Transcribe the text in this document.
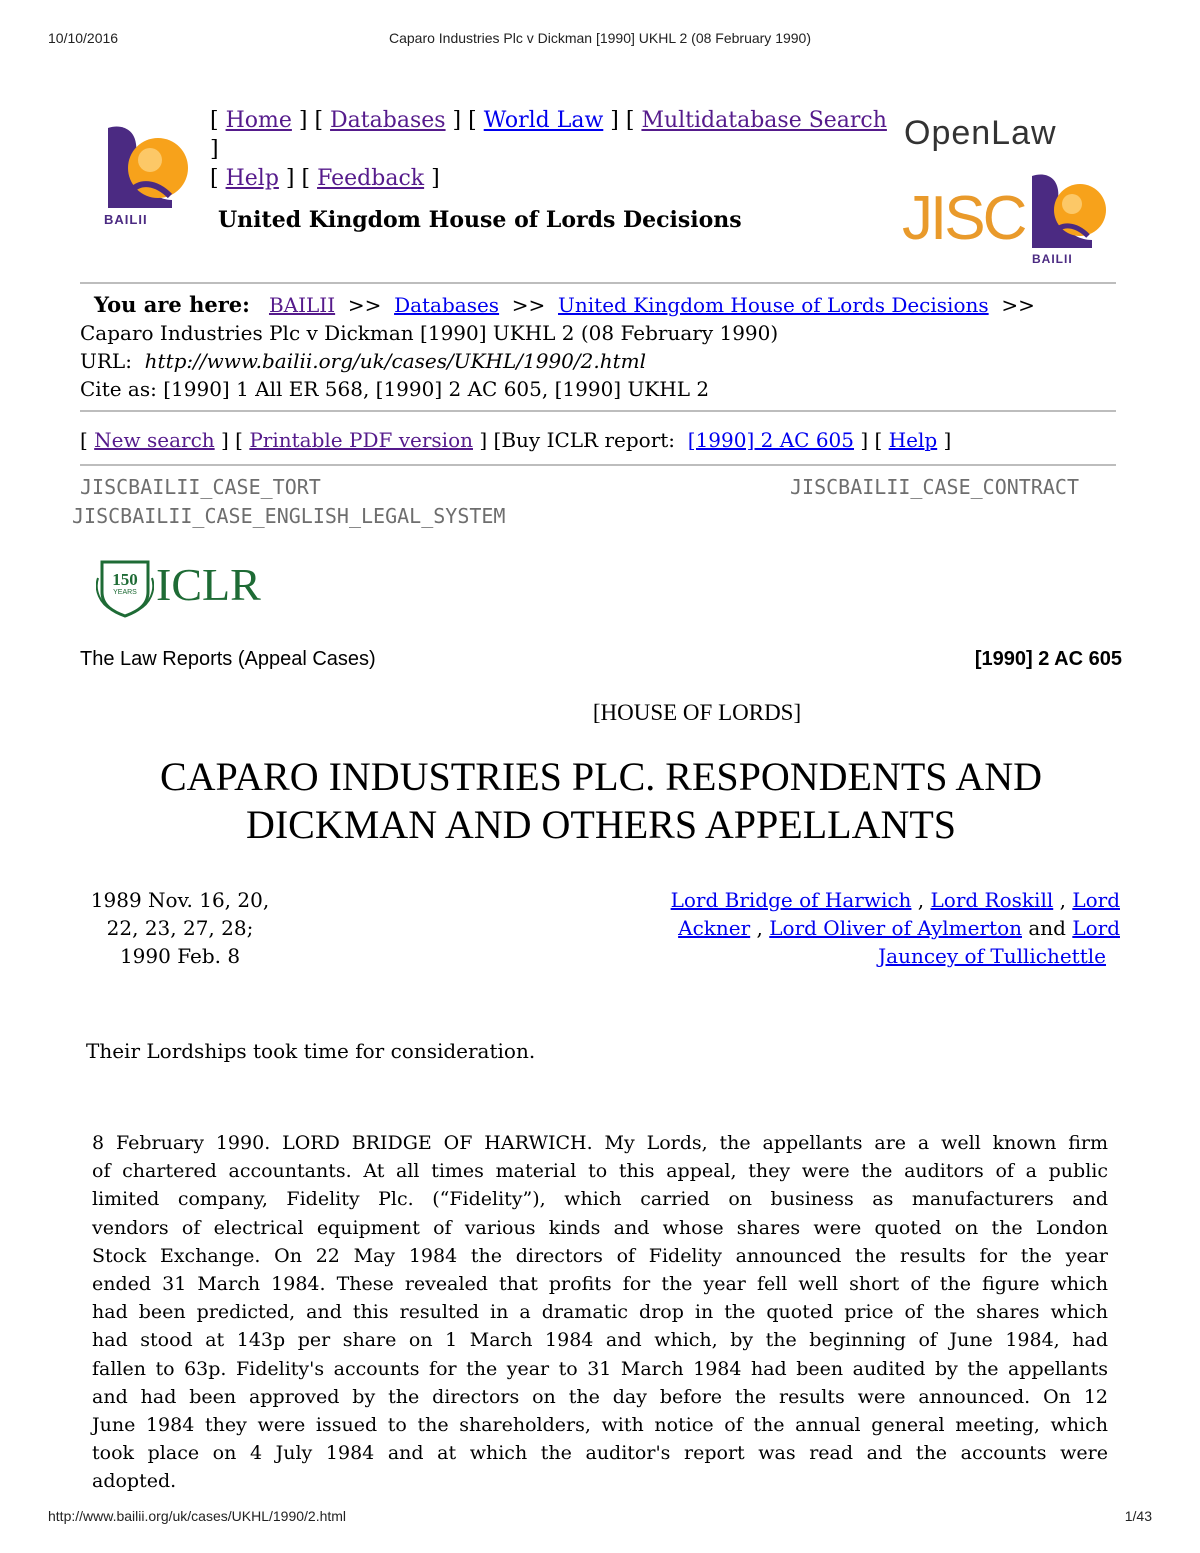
10/10/2016	Caparo Industries Plc v Dickman [1990] UKHL 2 (08 February 1990)
BAILII
[ Home ] [ Databases ] [ World Law ] [ Multidatabase Search ]
[ Help ] [ Feedback ]
United Kingdom House of Lords Decisions
OpenLaw
JISC
BAILII
You are here: BAILII >> Databases >> United Kingdom House of Lords Decisions >>
Caparo Industries Plc v Dickman [1990] UKHL 2 (08 February 1990)
URL: http://www.bailii.org/uk/cases/UKHL/1990/2.html
Cite as: [1990] 1 All ER 568, [1990] 2 AC 605, [1990] UKHL 2
[ New search ] [ Printable PDF version ] [Buy ICLR report: [1990] 2 AC 605 ] [ Help ]
JISCBAILII_CASE_TORT	JISCBAILII_CASE_CONTRACT
JISCBAILII_CASE_ENGLISH_LEGAL_SYSTEM
150
YEARS ICLR
The Law Reports (Appeal Cases)	[1990] 2 AC 605
[HOUSE OF LORDS]
CAPARO INDUSTRIES PLC. RESPONDENTS AND
DICKMAN AND OTHERS APPELLANTS
1989 Nov. 16, 20,
22, 23, 27, 28;
1990 Feb. 8
Lord Bridge of Harwich , Lord Roskill , Lord
Ackner , Lord Oliver of Aylmerton and Lord
Jauncey of Tullichettle
Their Lordships took time for consideration.
8 February 1990. LORD BRIDGE OF HARWICH. My Lords, the appellants are a well known firm
of chartered accountants. At all times material to this appeal, they were the auditors of a public
limited company, Fidelity Plc. (“Fidelity”), which carried on business as manufacturers and
vendors of electrical equipment of various kinds and whose shares were quoted on the London
Stock Exchange. On 22 May 1984 the directors of Fidelity announced the results for the year
ended 31 March 1984. These revealed that profits for the year fell well short of the figure which
had been predicted, and this resulted in a dramatic drop in the quoted price of the shares which
had stood at 143p per share on 1 March 1984 and which, by the beginning of June 1984, had
fallen to 63p. Fidelity's accounts for the year to 31 March 1984 had been audited by the appellants
and had been approved by the directors on the day before the results were announced. On 12
June 1984 they were issued to the shareholders, with notice of the annual general meeting, which
took place on 4 July 1984 and at which the auditor's report was read and the accounts were
adopted.
http://www.bailii.org/uk/cases/UKHL/1990/2.html	1/43
